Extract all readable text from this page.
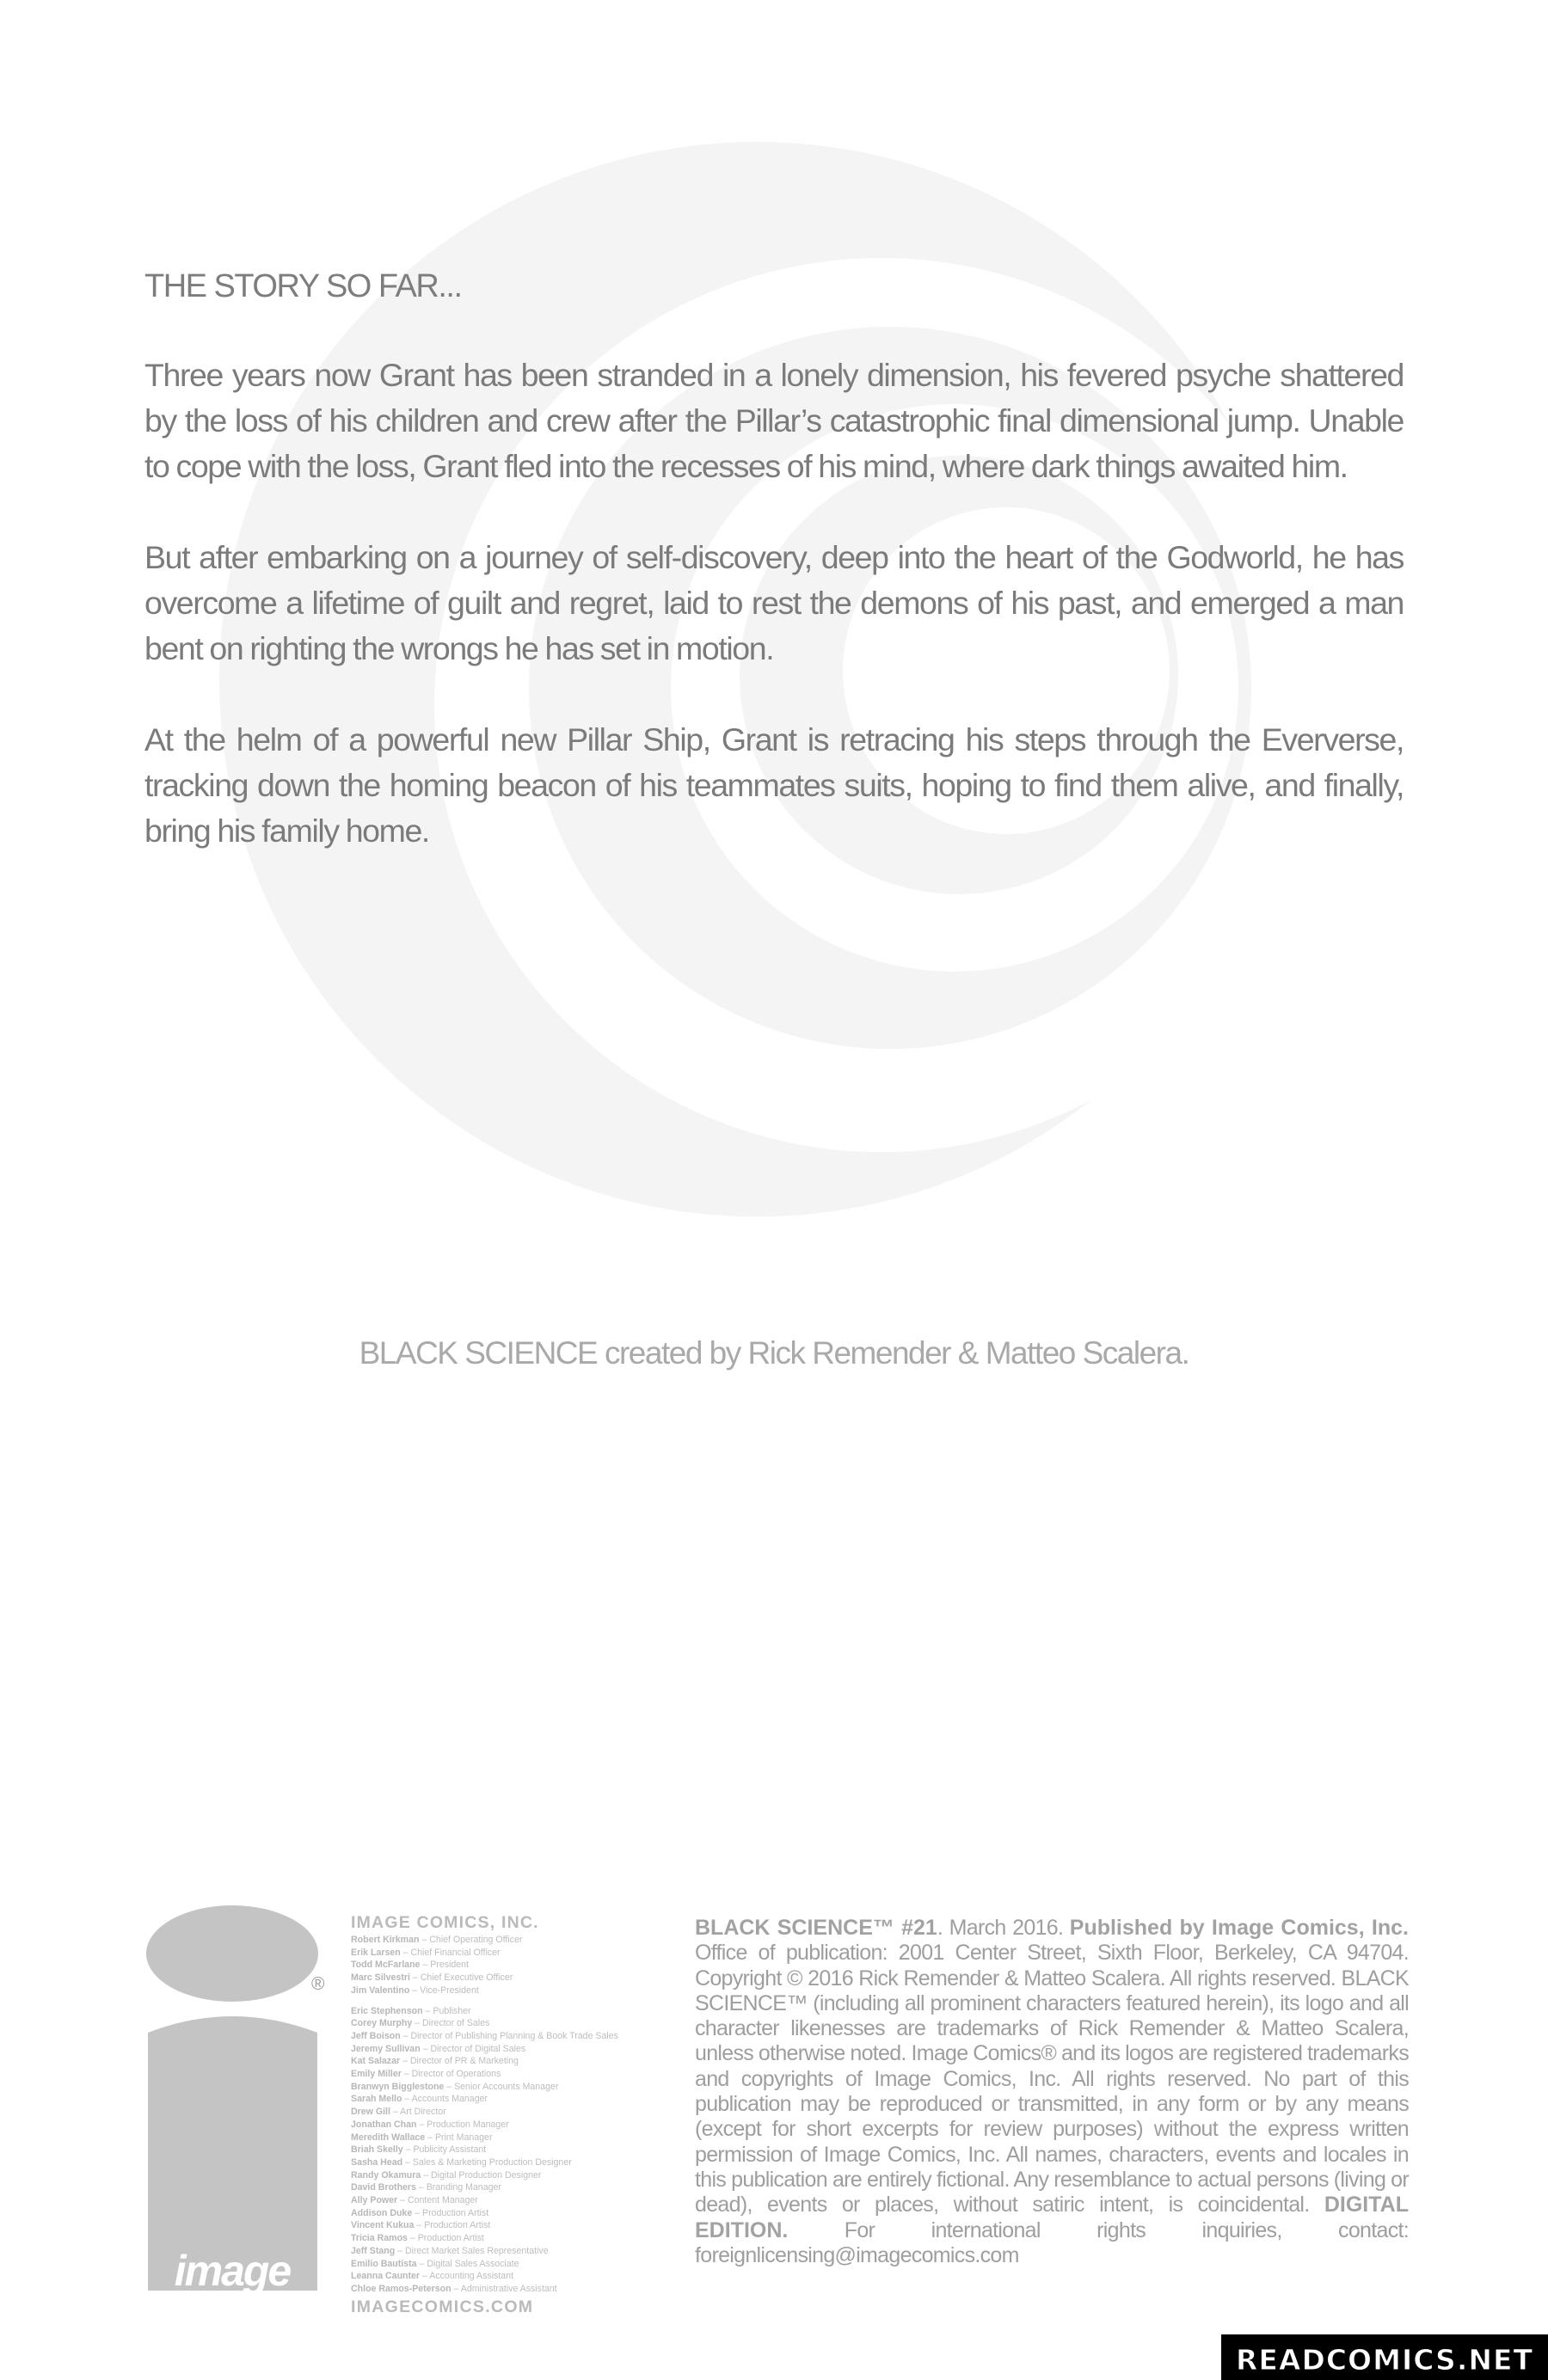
THE STORY SO FAR...

Three years now Grant has been stranded in a lonely dimension, his fevered psyche shattered by the loss of his children and crew after the Pillar’s catastrophic final dimensional jump. Unable to cope with the loss, Grant fled into the recesses of his mind, where dark things awaited him.

But after embarking on a journey of self-discovery, deep into the heart of the Godworld, he has overcome a lifetime of guilt and regret, laid to rest the demons of his past, and emerged a man bent on righting the wrongs he has set in motion.

At the helm of a powerful new Pillar Ship, Grant is retracing his steps through the Eververse, tracking down the homing beacon of his teammates suits, hoping to find them alive, and finally, bring his family home.

BLACK SCIENCE created by Rick Remender & Matteo Scalera.
image
®
IMAGE COMICS, INC.
Robert Kirkman – Chief Operating Officer
Erik Larsen – Chief Financial Officer
Todd McFarlane – President
Marc Silvestri – Chief Executive Officer
Jim Valentino – Vice-President
Eric Stephenson – Publisher
Corey Murphy – Director of Sales
Jeff Boison – Director of Publishing Planning & Book Trade Sales
Jeremy Sullivan – Director of Digital Sales
Kat Salazar – Director of PR & Marketing
Emily Miller – Director of Operations
Branwyn Bigglestone – Senior Accounts Manager
Sarah Mello – Accounts Manager
Drew Gill – Art Director
Jonathan Chan – Production Manager
Meredith Wallace – Print Manager
Briah Skelly – Publicity Assistant
Sasha Head – Sales & Marketing Production Designer
Randy Okamura – Digital Production Designer
David Brothers – Branding Manager
Ally Power – Content Manager
Addison Duke – Production Artist
Vincent Kukua – Production Artist
Tricia Ramos – Production Artist
Jeff Stang – Direct Market Sales Representative
Emilio Bautista – Digital Sales Associate
Leanna Caunter – Accounting Assistant
Chloe Ramos-Peterson – Administrative Assistant
IMAGECOMICS.COM

BLACK SCIENCE™ #21. March 2016. Published by Image Comics, Inc. Office of publication: 2001 Center Street, Sixth Floor, Berkeley, CA 94704. Copyright © 2016 Rick Remender & Matteo Scalera. All rights reserved. BLACK SCIENCE™ (including all prominent characters featured herein), its logo and all character likenesses are trademarks of Rick Remender & Matteo Scalera, unless otherwise noted. Image Comics® and its logos are registered trademarks and copyrights of Image Comics, Inc. All rights reserved. No part of this publication may be reproduced or transmitted, in any form or by any means (except for short excerpts for review purposes) without the express written permission of Image Comics, Inc. All names, characters, events and locales in this publication are entirely fictional. Any resemblance to actual persons (living or dead), events or places, without satiric intent, is coincidental. DIGITAL EDITION. For international rights inquiries, contact: foreignlicensing@imagecomics.com

READCOMICS.NET
